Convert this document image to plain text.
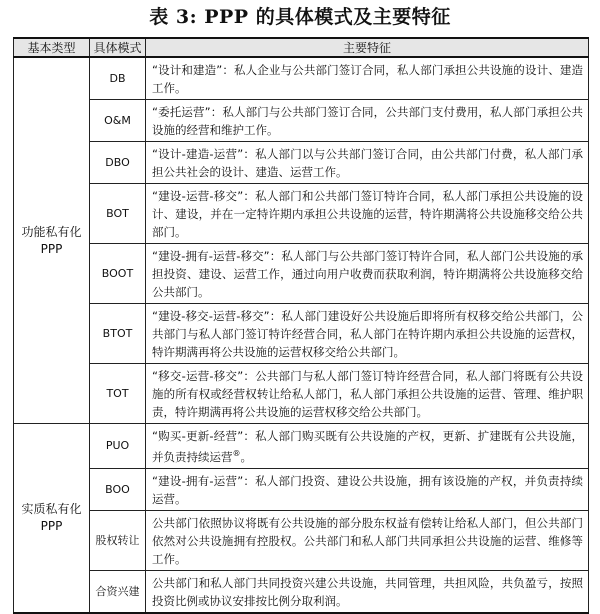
表 3: PPP 的具体模式及主要特征
基本类型	具体模式	主要特征
功能私有化PPP	DB	“设计和建造”：私人企业与公共部门签订合同，私人部门承担公共设施的设计、建造工作。
	O&M	“委托运营”：私人部门与公共部门签订合同，公共部门支付费用，私人部门承担公共设施的经营和维护工作。
	DBO	“设计-建造-运营”：私人部门以与公共部门签订合同，由公共部门付费，私人部门承担公共社会的设计、建造、运营工作。
	BOT	“建设-运营-移交”：私人部门和公共部门签订特许合同，私人部门承担公共设施的设计、建设，并在一定特许期内承担公共设施的运营，特许期满将公共设施移交给公共部门。
	BOOT	“建设-拥有-运营-移交”：私人部门与公共部门签订特许合同，私人部门公共设施的承担投资、建设、运营工作，通过向用户收费而获取利润，特许期满将公共设施移交给公共部门。
	BTOT	“建设-移交-运营-移交”：私人部门建设好公共设施后即将所有权移交给公共部门，公共部门与私人部门签订特许经营合同，私人部门在特许期内承担公共设施的运营权，特许期满再将公共设施的运营权移交给公共部门。
	TOT	“移交-运营-移交”：公共部门与私人部门签订特许经营合同，私人部门将既有公共设施的所有权或经营权转让给私人部门，私人部门承担公共设施的运营、管理、维护职责，特许期满再将公共设施的运营权移交给公共部门。
实质私有化PPP	PUO	“购买-更新-经营”：私人部门购买既有公共设施的产权，更新、扩建既有公共设施，并负责持续运营®。
	BOO	“建设-拥有-运营”：私人部门投资、建设公共设施，拥有该设施的产权，并负责持续运营。
	股权转让	公共部门依照协议将既有公共设施的部分股东权益有偿转让给私人部门，但公共部门依然对公共设施拥有控股权。公共部门和私人部门共同承担公共设施的运营、维修等工作。
	合资兴建	公共部门和私人部门共同投资兴建公共设施，共同管理，共担风险，共负盈亏，按照投资比例或协议安排按比例分取利润。
